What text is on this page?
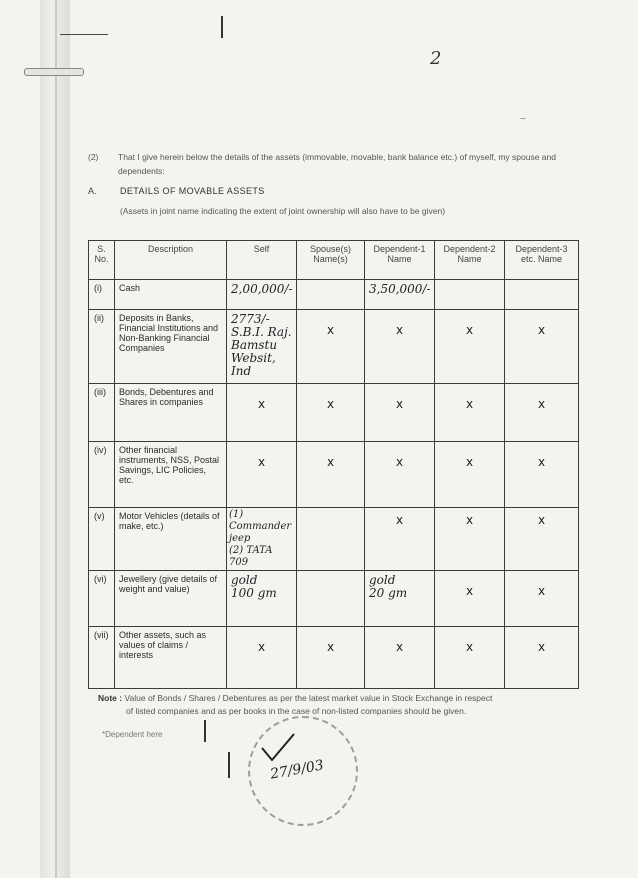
2
~
(2) That I give herein below the details of the assets (immovable, movable, bank balance etc.) of myself, my spouse and dependents:
A.	DETAILS OF MOVABLE ASSETS
(Assets in joint name indicating the extent of joint ownership will also have to be given)
S. No.	Description	Self	Spouse(s) Name(s)	Dependent-1 Name	Dependent-2 Name	Dependent-3 etc. Name
(i)	Cash	2,00,000/-		3,50,000/-		

(ii)	Deposits in Banks, Financial Institutions and Non-Banking Financial Companies	2773/-
S.B.I. Raj.
Bamstu
Websit, Ind	x	x	x	x

(iii)	Bonds, Debentures and Shares in companies	x	x	x	x	x

(iv)	Other financial instruments, NSS, Postal Savings, LIC Policies, etc.	x	x	x	x	x

(v)	Motor Vehicles (details of make, etc.)	(1) Commander jeep
(2) TATA 709		x	x	x

(vi)	Jewellery (give details of weight and value)	gold
100 gm		gold
20 gm	x	x

(vii)	Other assets, such as values of claims / interests	x	x	x	x	x
Note : Value of Bonds / Shares / Debentures as per the latest market value in Stock Exchange in respect
of listed companies and as per books in the case of non-listed companies should be given.
*Dependent here
27/9/03
